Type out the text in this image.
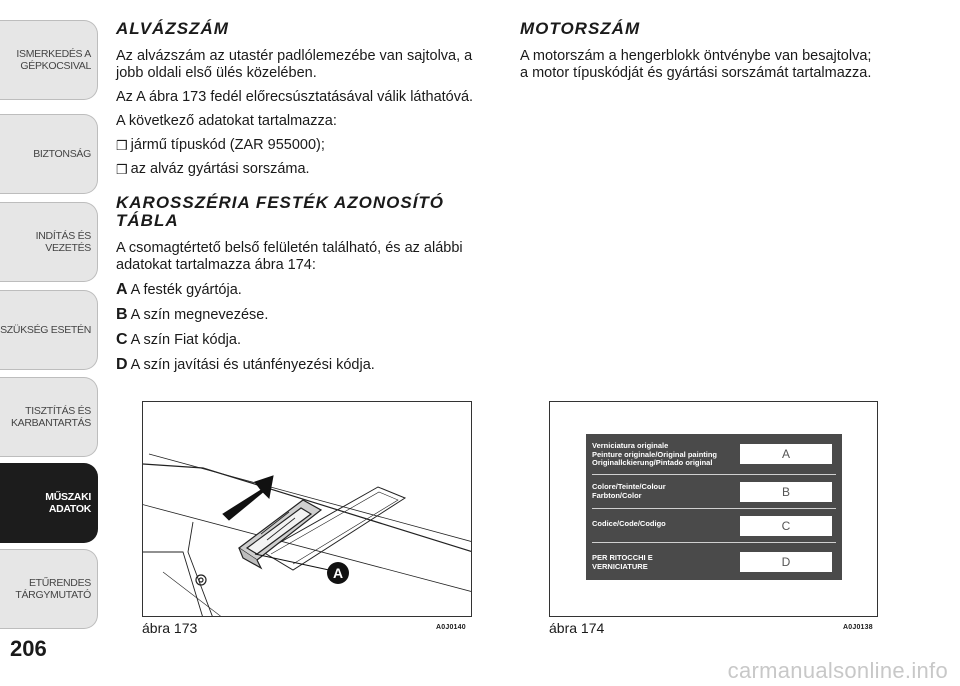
ISMERKEDÉS A
GÉPKOCSIVAL
BIZTONSÁG
INDÍTÁS ÉS VEZETÉS
SZÜKSÉG ESETÉN
TISZTÍTÁS ÉS
KARBANTARTÁS
MŰSZAKI
ADATOK
ETŰRENDES
TÁRGYMUTATÓ
206
ALVÁZSZÁM

Az alvázszám az utastér padlólemezébe van sajtolva, a jobb oldali első ülés közelében.

Az A ábra 173 fedél előrecsúsztatásával válik láthatóvá.

A következő adatokat tartalmazza:

❒ jármű típuskód (ZAR 955000);
❒ az alváz gyártási sorszáma.
KAROSSZÉRIA FESTÉK AZONOSÍTÓ TÁBLA

A csomagtértető belső felületén található, és az alábbi adatokat tartalmazza ábra 174:

A A festék gyártója.
B A szín megnevezése.
C A szín Fiat kódja.
D A szín javítási és utánfényezési kódja.
MOTORSZÁM

A motorszám a hengerblokk öntvénybe van besajtolva; a motor típuskódját és gyártási sorszámát tartalmazza.

A
ábra 173	A0J0140
Verniciatura originale
Peinture originale/Original painting
Originallckierung/Pintado original
A
Colore/Teinte/Colour
Farbton/Color	B
Codice/Code/Codigo	C
PER RITOCCHI E
VERNICIATURE	D
ábra 174	A0J0138
carmanualsonline.info
